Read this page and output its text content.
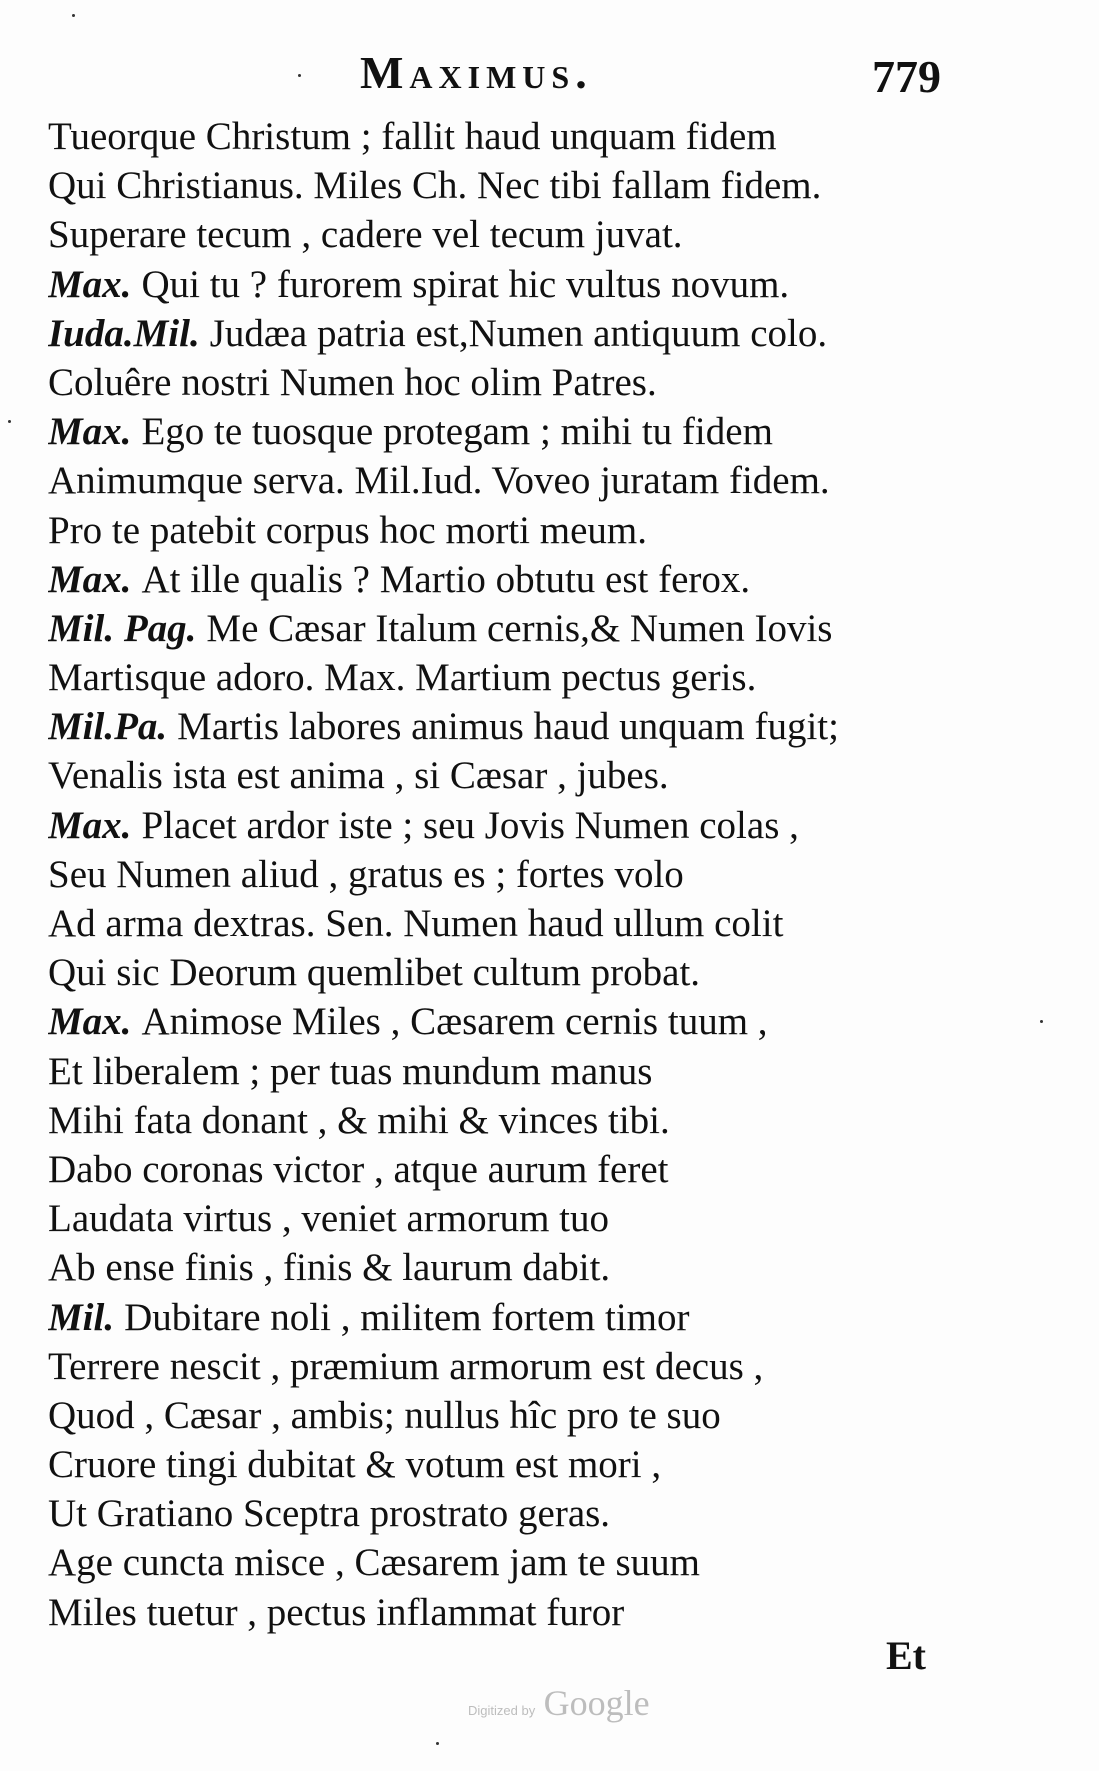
Maximus.	779
Tueorque Christum ; fallit haud unquam fidem
Qui Christianus. Miles Ch. Nec tibi fallam fidem.
Superare tecum , cadere vel tecum juvat.
Max. Qui tu ? furorem spirat hic vultus novum.
Iuda.Mil. Judæa patria est,Numen antiquum colo.
Coluêre nostri Numen hoc olim Patres.
Max. Ego te tuosque protegam ; mihi tu fidem
Animumque serva. Mil.Iud. Voveo juratam fidem.
Pro te patebit corpus hoc morti meum.
Max. At ille qualis ? Martio obtutu est ferox.
Mil. Pag. Me Cæsar Italum cernis,& Numen Iovis
Martisque adoro. Max. Martium pectus geris.
Mil.Pa. Martis labores animus haud unquam fugit;
Venalis ista est anima , si Cæsar , jubes.
Max. Placet ardor iste ; seu Jovis Numen colas ,
Seu Numen aliud , gratus es ; fortes volo
Ad arma dextras. Sen. Numen haud ullum colit
Qui sic Deorum quemlibet cultum probat.
Max. Animose Miles , Cæsarem cernis tuum ,
Et liberalem ; per tuas mundum manus
Mihi fata donant , & mihi & vinces tibi.
Dabo coronas victor , atque aurum feret
Laudata virtus , veniet armorum tuo
Ab ense finis , finis & laurum dabit.
Mil. Dubitare noli , militem fortem timor
Terrere nescit , præmium armorum est decus ,
Quod , Cæsar , ambis; nullus hîc pro te suo
Cruore tingi dubitat & votum est mori ,
Ut Gratiano Sceptra prostrato geras.
Age cuncta misce , Cæsarem jam te suum
Miles tuetur , pectus inflammat furor
Et
Digitized by Google
